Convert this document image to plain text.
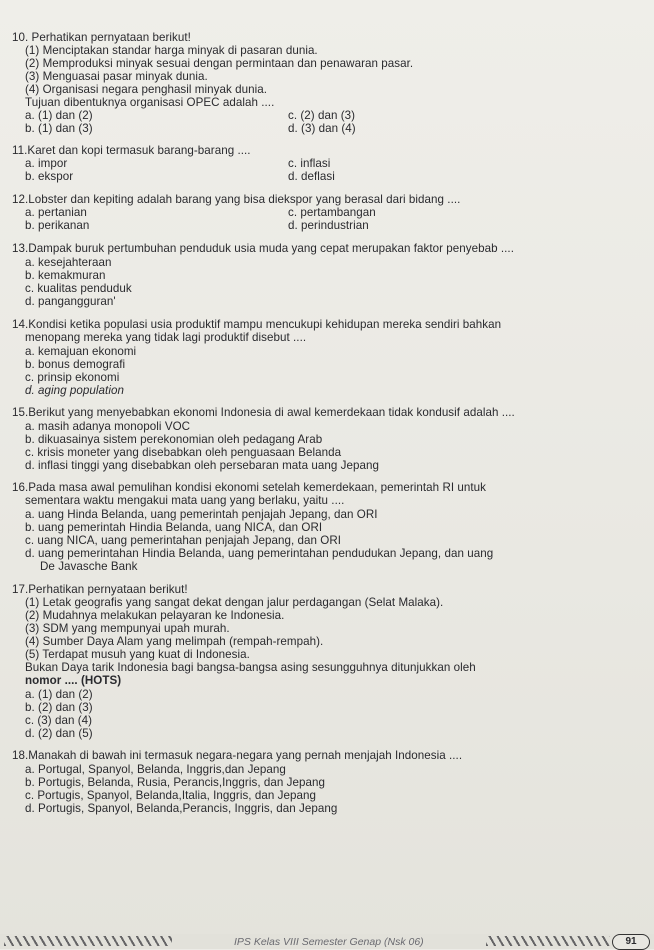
10. Perhatikan pernyataan berikut!
(1) Menciptakan standar harga minyak di pasaran dunia.
(2) Memproduksi minyak sesuai dengan permintaan dan penawaran pasar.
(3) Menguasai pasar minyak dunia.
(4) Organisasi negara penghasil minyak dunia.
Tujuan dibentuknya organisasi OPEC adalah ....
a. (1) dan (2)	c. (2) dan (3)
b. (1) dan (3)	d. (3) dan (4)
11.Karet dan kopi termasuk barang-barang ....
a. impor	c. inflasi
b. ekspor	d. deflasi
12.Lobster dan kepiting adalah barang yang bisa diekspor yang berasal dari bidang ....
a. pertanian	c. pertambangan
b. perikanan	d. perindustrian
13.Dampak buruk pertumbuhan penduduk usia muda yang cepat merupakan faktor penyebab ....
a. kesejahteraan
b. kemakmuran
c. kualitas penduduk
d. pangangguran'
14.Kondisi ketika populasi usia produktif mampu mencukupi kehidupan mereka sendiri bahkan
menopang mereka yang tidak lagi produktif disebut ....
a. kemajuan ekonomi
b. bonus demografi
c. prinsip ekonomi
d. aging population
15.Berikut yang menyebabkan ekonomi Indonesia di awal kemerdekaan tidak kondusif adalah ....
a. masih adanya monopoli VOC
b. dikuasainya sistem perekonomian oleh pedagang Arab
c. krisis moneter yang disebabkan oleh penguasaan Belanda
d. inflasi tinggi yang disebabkan oleh persebaran mata uang Jepang
16.Pada masa awal pemulihan kondisi ekonomi setelah kemerdekaan, pemerintah RI untuk
sementara waktu mengakui mata uang yang berlaku, yaitu ....
a. uang Hinda Belanda, uang pemerintah penjajah Jepang, dan ORI
b. uang pemerintah Hindia Belanda, uang NICA, dan ORI
c. uang NICA, uang pemerintahan penjajah Jepang, dan ORI
d. uang pemerintahan Hindia Belanda, uang pemerintahan pendudukan Jepang, dan uang
De Javasche Bank
17.Perhatikan pernyataan berikut!
(1) Letak geografis yang sangat dekat dengan jalur perdagangan (Selat Malaka).
(2) Mudahnya melakukan pelayaran ke Indonesia.
(3) SDM yang mempunyai upah murah.
(4) Sumber Daya Alam yang melimpah (rempah-rempah).
(5) Terdapat musuh yang kuat di Indonesia.
Bukan Daya tarik Indonesia bagi bangsa-bangsa asing sesungguhnya ditunjukkan oleh
nomor .... (HOTS)
a. (1) dan (2)
b. (2) dan (3)
c. (3) dan (4)
d. (2) dan (5)
18.Manakah di bawah ini termasuk negara-negara yang pernah menjajah Indonesia ....
a. Portugal, Spanyol, Belanda, Inggris,dan Jepang
b. Portugis, Belanda, Rusia, Perancis,Inggris, dan Jepang
c. Portugis, Spanyol, Belanda,Italia, Inggris, dan Jepang
d. Portugis, Spanyol, Belanda,Perancis, Inggris, dan Jepang
IPS Kelas VIII Semester Genap (Nsk 06)	91
